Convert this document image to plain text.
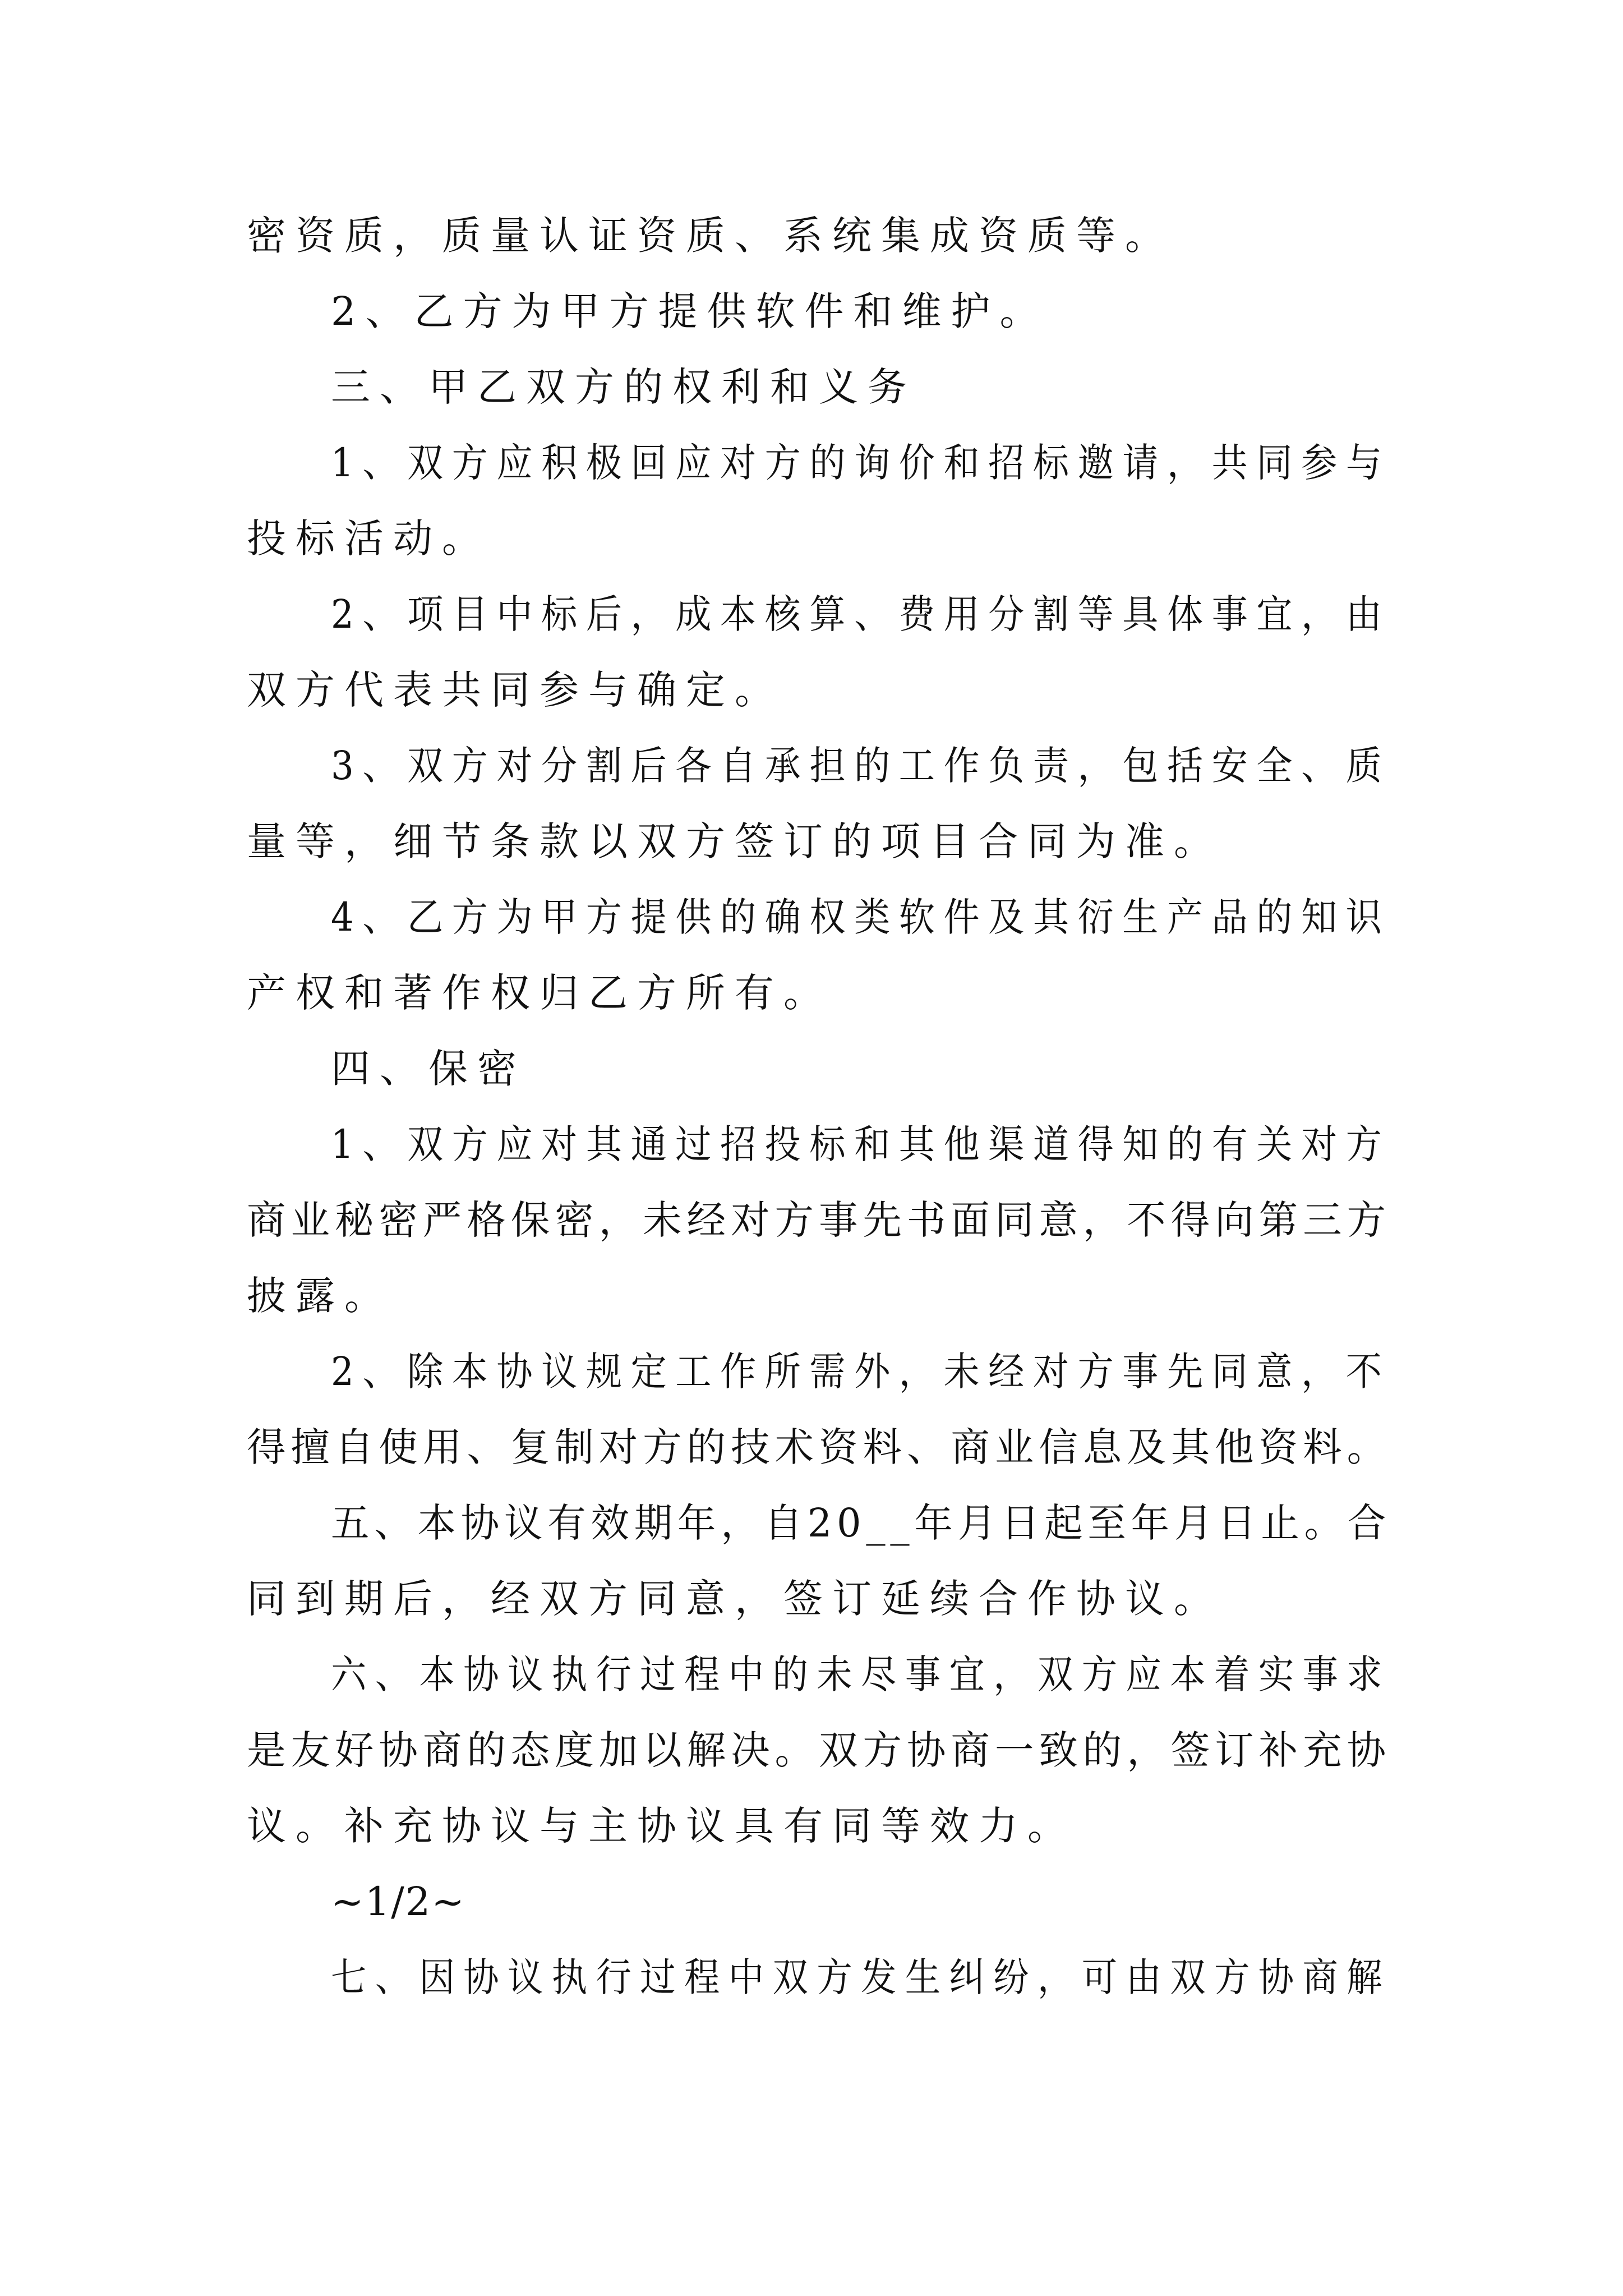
密资质，质量认证资质、系统集成资质等。
2、乙方为甲方提供软件和维护。
三、甲乙双方的权利和义务
1、双方应积极回应对方的询价和招标邀请，共同参与
投标活动。
2、项目中标后，成本核算、费用分割等具体事宜，由
双方代表共同参与确定。
3、双方对分割后各自承担的工作负责，包括安全、质
量等，细节条款以双方签订的项目合同为准。
4、乙方为甲方提供的确权类软件及其衍生产品的知识
产权和著作权归乙方所有。
四、保密
1、双方应对其通过招投标和其他渠道得知的有关对方
商业秘密严格保密，未经对方事先书面同意，不得向第三方
披露。
2、除本协议规定工作所需外，未经对方事先同意，不
得擅自使用、复制对方的技术资料、商业信息及其他资料。
五、本协议有效期年，自20__年月日起至年月日止。合
同到期后，经双方同意，签订延续合作协议。
六、本协议执行过程中的未尽事宜，双方应本着实事求
是友好协商的态度加以解决。双方协商一致的，签订补充协
议。补充协议与主协议具有同等效力。
~1/2~
七、因协议执行过程中双方发生纠纷，可由双方协商解
